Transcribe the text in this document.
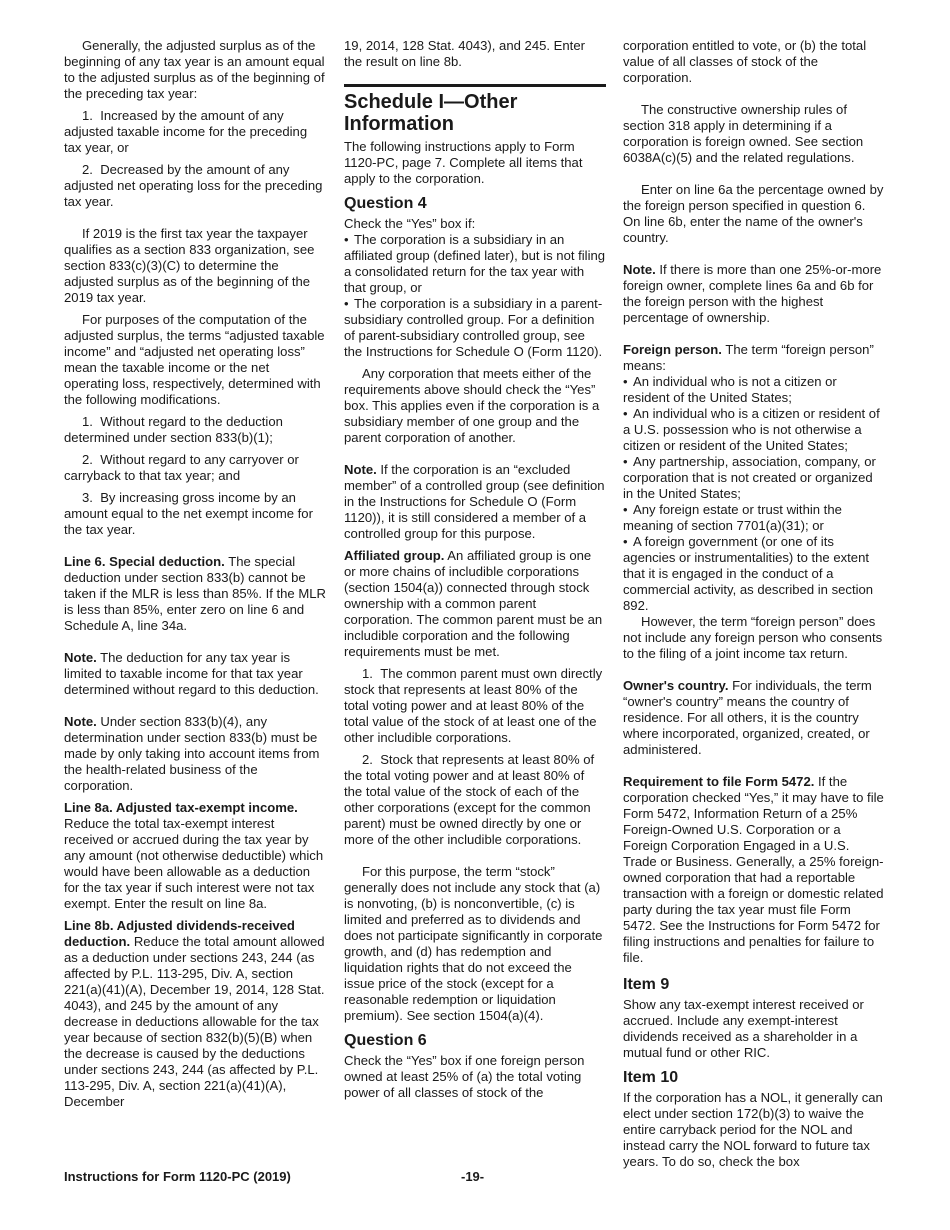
Generally, the adjusted surplus as of the beginning of any tax year is an amount equal to the adjusted surplus as of the beginning of the preceding tax year:

1.  Increased by the amount of any adjusted taxable income for the preceding tax year, or

2.  Decreased by the amount of any adjusted net operating loss for the preceding tax year.

If 2019 is the first tax year the taxpayer qualifies as a section 833 organization, see section 833(c)(3)(C) to determine the adjusted surplus as of the beginning of the 2019 tax year.

For purposes of the computation of the adjusted surplus, the terms “adjusted taxable income” and “adjusted net operating loss” mean the taxable income or the net operating loss, respectively, determined with the following modifications.

1.  Without regard to the deduction determined under section 833(b)(1);

2.  Without regard to any carryover or carryback to that tax year; and

3.  By increasing gross income by an amount equal to the net exempt income for the tax year.

Line 6. Special deduction. The special deduction under section 833(b) cannot be taken if the MLR is less than 85%. If the MLR is less than 85%, enter zero on line 6 and Schedule A, line 34a.

Note. The deduction for any tax year is limited to taxable income for that tax year determined without regard to this deduction.

Note. Under section 833(b)(4), any determination under section 833(b) must be made by only taking into account items from the health-related business of the corporation.

Line 8a. Adjusted tax-exempt income. Reduce the total tax-exempt interest received or accrued during the tax year by any amount (not otherwise deductible) which would have been allowable as a deduction for the tax year if such interest were not tax exempt. Enter the result on line 8a.

Line 8b. Adjusted dividends-received deduction. Reduce the total amount allowed as a deduction under sections 243, 244 (as affected by P.L. 113-295, Div. A, section 221(a)(41)(A), December 19, 2014, 128 Stat. 4043), and 245 by the amount of any decrease in deductions allowable for the tax year because of section 832(b)(5)(B) when the decrease is caused by the deductions under sections 243, 244 (as affected by P.L. 113-295, Div. A, section 221(a)(41)(A), December

19, 2014, 128 Stat. 4043), and 245. Enter the result on line 8b.

Schedule I—Other Information

The following instructions apply to Form 1120-PC, page 7. Complete all items that apply to the corporation.

Question 4

Check the “Yes” box if:

• The corporation is a subsidiary in an affiliated group (defined later), but is not filing a consolidated return for the tax year with that group, or

• The corporation is a subsidiary in a parent-subsidiary controlled group. For a definition of parent-subsidiary controlled group, see the Instructions for Schedule O (Form 1120).

Any corporation that meets either of the requirements above should check the “Yes” box. This applies even if the corporation is a subsidiary member of one group and the parent corporation of another.

Note. If the corporation is an “excluded member” of a controlled group (see definition in the Instructions for Schedule O (Form 1120)), it is still considered a member of a controlled group for this purpose.

Affiliated group. An affiliated group is one or more chains of includible corporations (section 1504(a)) connected through stock ownership with a common parent corporation. The common parent must be an includible corporation and the following requirements must be met.

1.  The common parent must own directly stock that represents at least 80% of the total voting power and at least 80% of the total value of the stock of at least one of the other includible corporations.

2.  Stock that represents at least 80% of the total voting power and at least 80% of the total value of the stock of each of the other corporations (except for the common parent) must be owned directly by one or more of the other includible corporations.

For this purpose, the term “stock” generally does not include any stock that (a) is nonvoting, (b) is nonconvertible, (c) is limited and preferred as to dividends and does not participate significantly in corporate growth, and (d) has redemption and liquidation rights that do not exceed the issue price of the stock (except for a reasonable redemption or liquidation premium). See section 1504(a)(4).

Question 6

Check the “Yes” box if one foreign person owned at least 25% of (a) the total voting power of all classes of stock of the

corporation entitled to vote, or (b) the total value of all classes of stock of the corporation.

The constructive ownership rules of section 318 apply in determining if a corporation is foreign owned. See section 6038A(c)(5) and the related regulations.

Enter on line 6a the percentage owned by the foreign person specified in question 6. On line 6b, enter the name of the owner's country.

Note. If there is more than one 25%-or-more foreign owner, complete lines 6a and 6b for the foreign person with the highest percentage of ownership.

Foreign person. The term “foreign person” means:

• An individual who is not a citizen or resident of the United States;

• An individual who is a citizen or resident of a U.S. possession who is not otherwise a citizen or resident of the United States;

• Any partnership, association, company, or corporation that is not created or organized in the United States;

• Any foreign estate or trust within the meaning of section 7701(a)(31); or

• A foreign government (or one of its agencies or instrumentalities) to the extent that it is engaged in the conduct of a commercial activity, as described in section 892.

However, the term “foreign person” does not include any foreign person who consents to the filing of a joint income tax return.

Owner's country. For individuals, the term “owner's country” means the country of residence. For all others, it is the country where incorporated, organized, created, or administered.

Requirement to file Form 5472. If the corporation checked “Yes,” it may have to file Form 5472, Information Return of a 25% Foreign-Owned U.S. Corporation or a Foreign Corporation Engaged in a U.S. Trade or Business. Generally, a 25% foreign-owned corporation that had a reportable transaction with a foreign or domestic related party during the tax year must file Form 5472. See the Instructions for Form 5472 for filing instructions and penalties for failure to file.

Item 9

Show any tax-exempt interest received or accrued. Include any exempt-interest dividends received as a shareholder in a mutual fund or other RIC.

Item 10

If the corporation has a NOL, it generally can elect under section 172(b)(3) to waive the entire carryback period for the NOL and instead carry the NOL forward to future tax years. To do so, check the box

Instructions for Form 1120-PC (2019)	-19-
